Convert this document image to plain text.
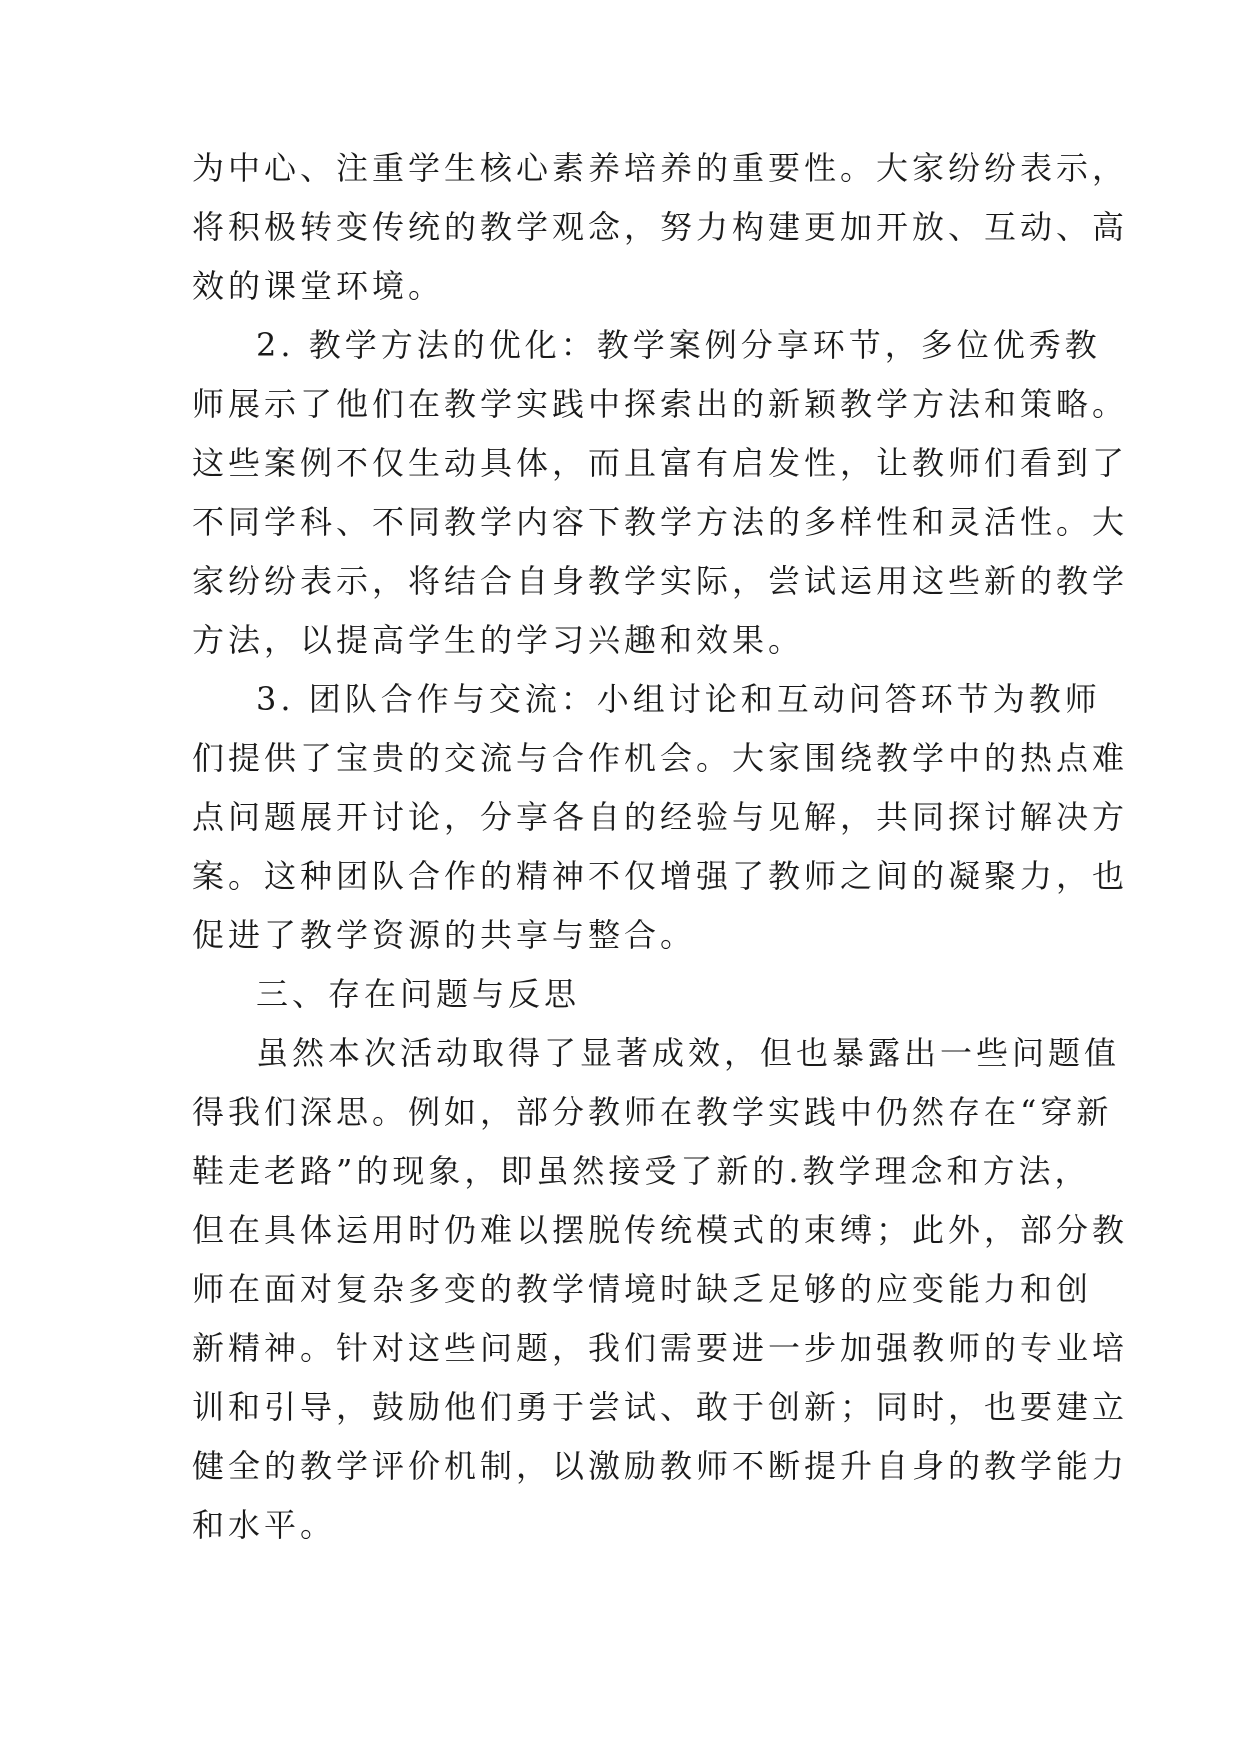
为中心、注重学生核心素养培养的重要性。大家纷纷表示，
将积极转变传统的教学观念，努力构建更加开放、互动、高
效的课堂环境。
2. 教学方法的优化：教学案例分享环节，多位优秀教
师展示了他们在教学实践中探索出的新颖教学方法和策略。
这些案例不仅生动具体，而且富有启发性，让教师们看到了
不同学科、不同教学内容下教学方法的多样性和灵活性。大
家纷纷表示，将结合自身教学实际，尝试运用这些新的教学
方法，以提高学生的学习兴趣和效果。
3. 团队合作与交流：小组讨论和互动问答环节为教师
们提供了宝贵的交流与合作机会。大家围绕教学中的热点难
点问题展开讨论，分享各自的经验与见解，共同探讨解决方
案。这种团队合作的精神不仅增强了教师之间的凝聚力，也
促进了教学资源的共享与整合。
三、存在问题与反思
虽然本次活动取得了显著成效，但也暴露出一些问题值
得我们深思。例如，部分教师在教学实践中仍然存在“穿新
鞋走老路”的现象，即虽然接受了新的.教学理念和方法，
但在具体运用时仍难以摆脱传统模式的束缚；此外，部分教
师在面对复杂多变的教学情境时缺乏足够的应变能力和创
新精神。针对这些问题，我们需要进一步加强教师的专业培
训和引导，鼓励他们勇于尝试、敢于创新；同时，也要建立
健全的教学评价机制，以激励教师不断提升自身的教学能力
和水平。
